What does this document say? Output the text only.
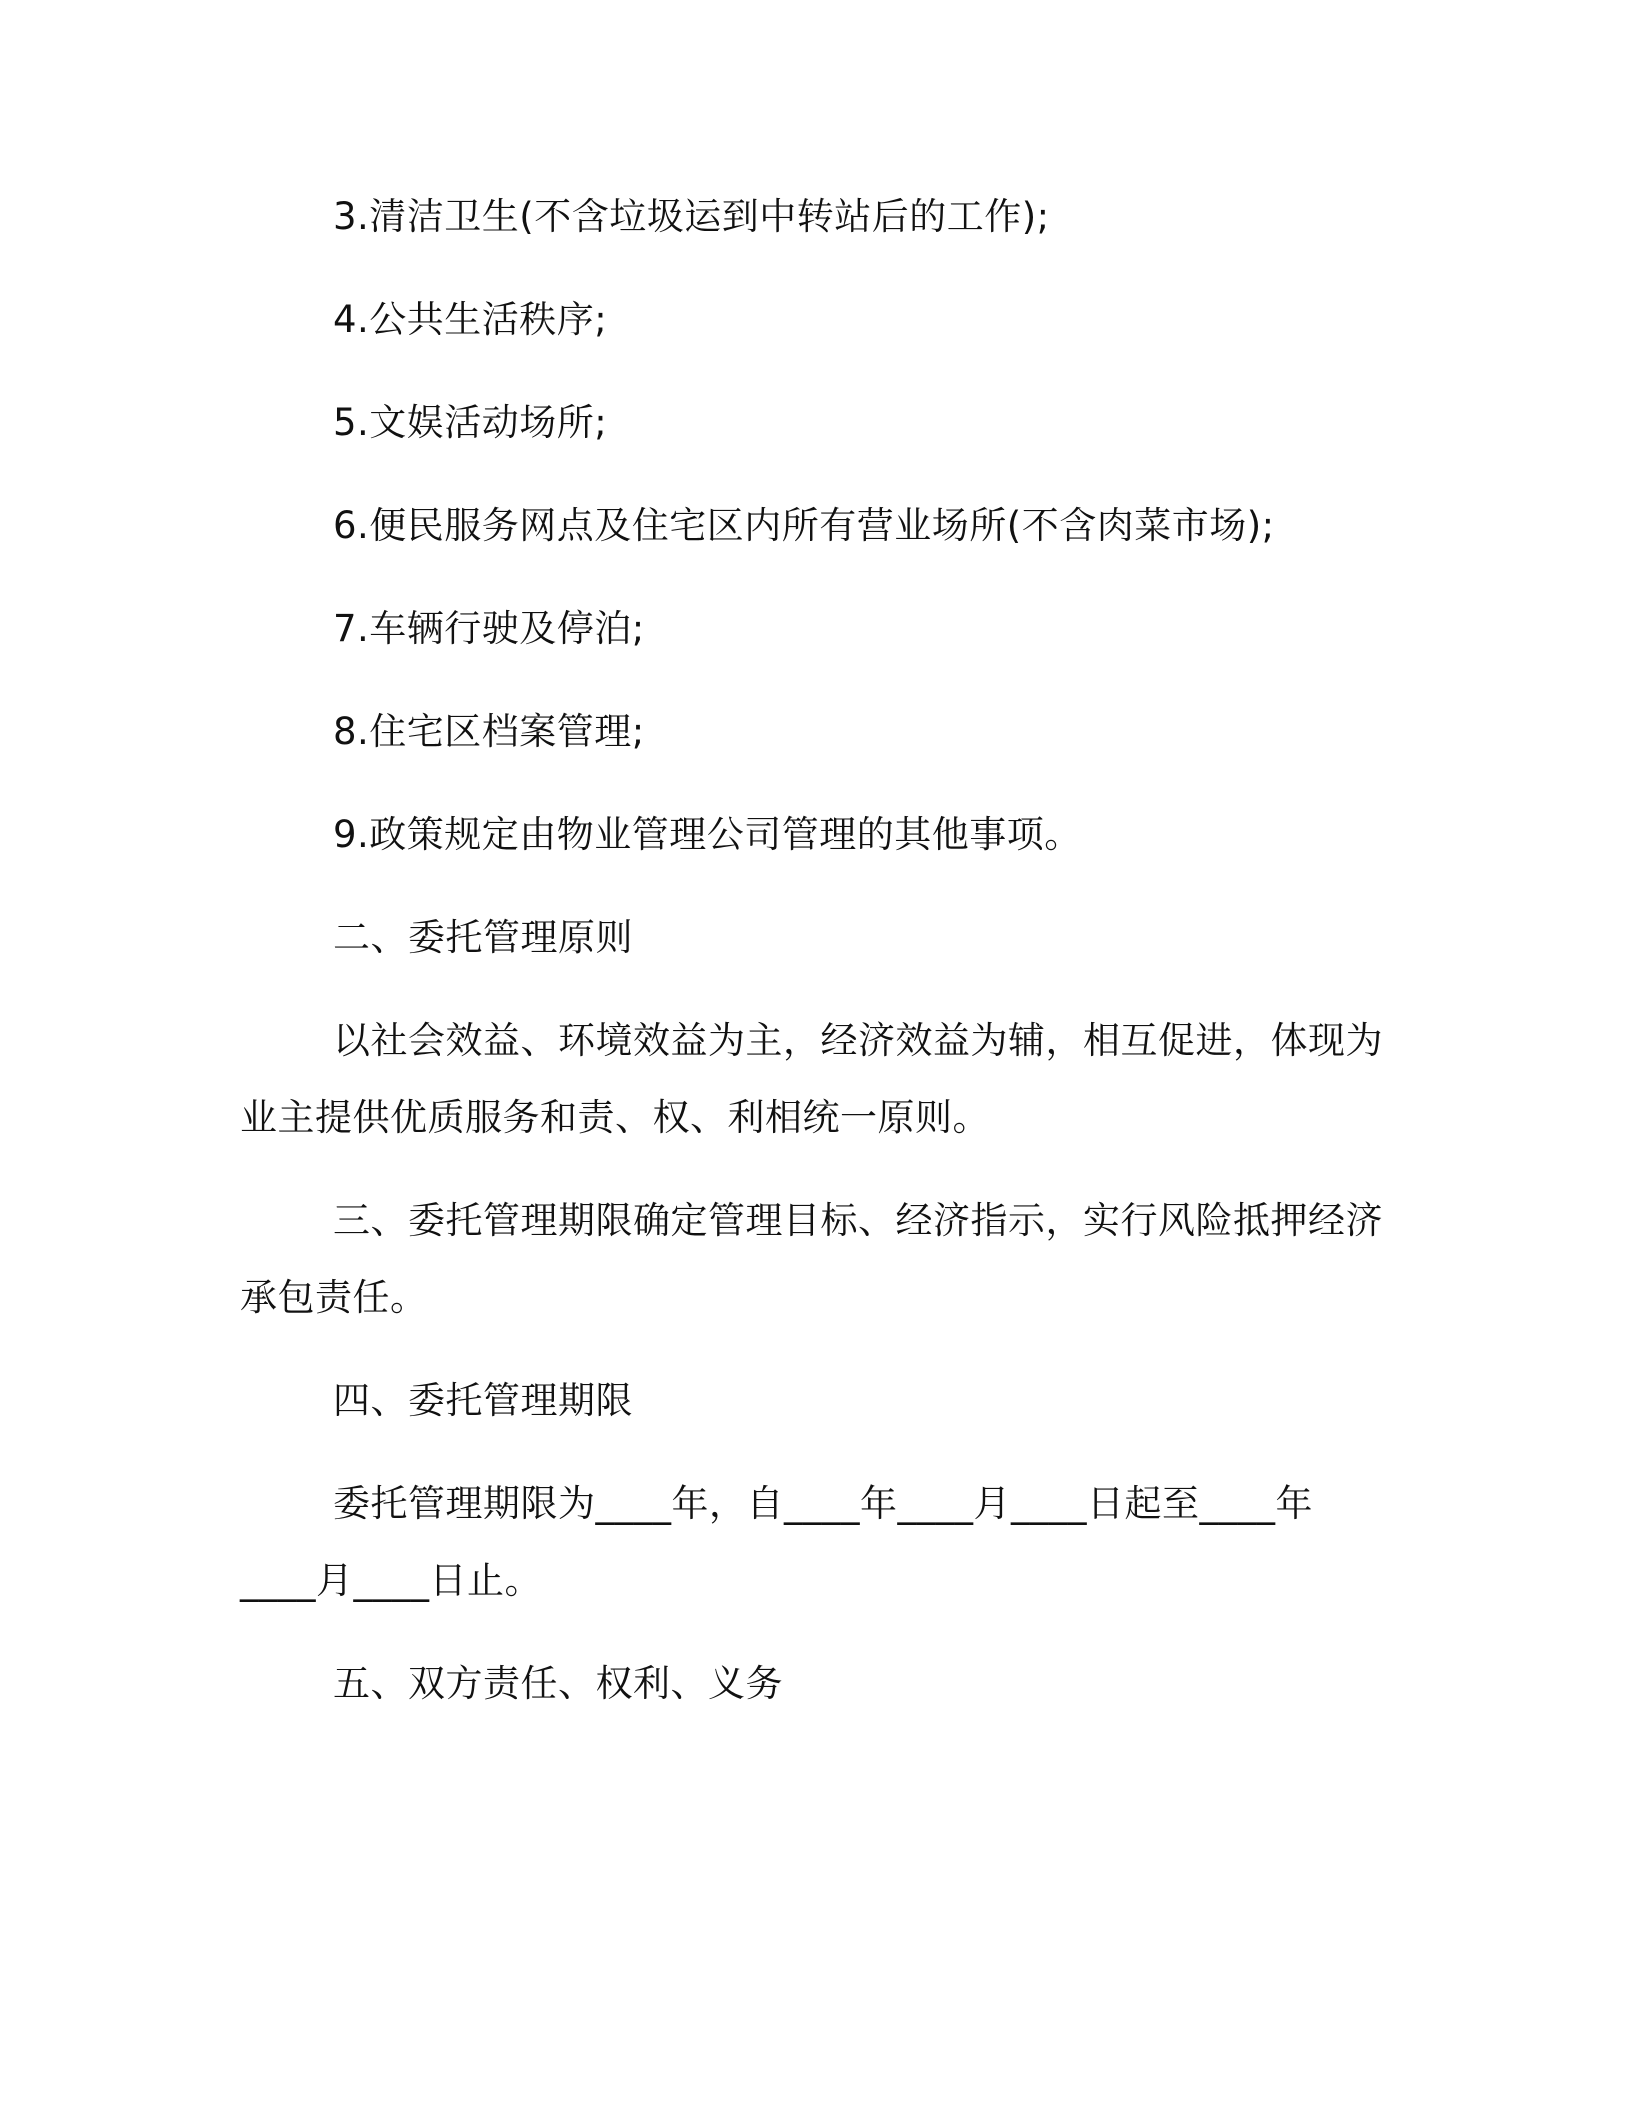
3.清洁卫生(不含垃圾运到中转站后的工作);
4.公共生活秩序;
5.文娱活动场所;
6.便民服务网点及住宅区内所有营业场所(不含肉菜市场);
7.车辆行驶及停泊;
8.住宅区档案管理;
9.政策规定由物业管理公司管理的其他事项。
二、委托管理原则
以社会效益、环境效益为主，经济效益为辅，相互促进，体现为
业主提供优质服务和责、权、利相统一原则。
三、委托管理期限确定管理目标、经济指示，实行风险抵押经济
承包责任。
四、委托管理期限
委托管理期限为____年，自____年____月____日起至____年
____月____日止。
五、双方责任、权利、义务
